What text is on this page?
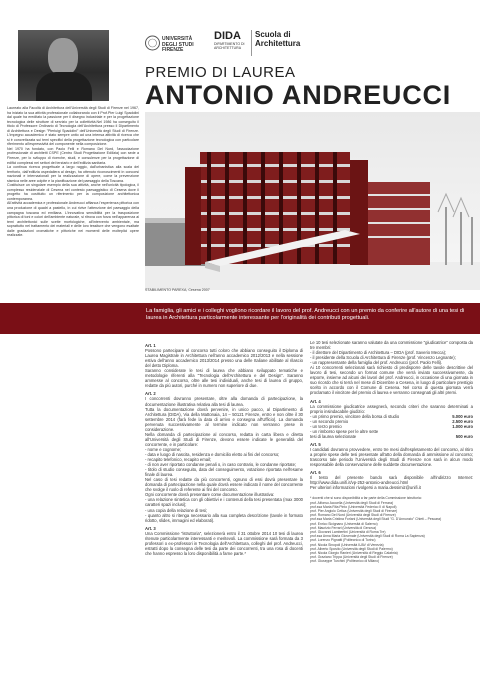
UNIVERSITÀ
DEGLI STUDI
FIRENZE
DIDA
DIPARTIMENTO DI
ARCHITETTURA
Scuola di
Architettura
PREMIO DI LAUREA
ANTONIO ANDREUCCI

Laureato alla Facoltà di Architettura dell'Università degli Studi di Firenze nel 1967, ha iniziato la sua attività professionale collaborando con il Prof.Pier Luigi Spadolini dal quale ha ereditato la passione per il disegno industriale e per la progettazione tecnologica delle strutture di servizio per la collettività.Nel 1986 ha conseguito il titolo di Professore Ordinario di Tecnologia dell'Architettura presso il Dipartimento di Architettura e Design "Pierluigi Spadolini" dell'Università degli Studi di Firenze. L'impegno accademico è stato sempre unito ad una intensa attività di ricerca che si è concretizzata sui temi specifici della progettazione tecnologica con particolare riferimento all'espressività del componente nella composizione.

Nel 1970 ha fondato, con Paolo Felli e Romano Del Nord, l'associazione professionale di architetti CSPE (Centro Studi Progettazione Edilizia) con sede a Firenze, per lo sviluppo di ricerche, studi, e consulenze per la progettazione di edifici complessi nei settori del terziario e dell'edilizia sanitaria.

La continua ricerca progettuale a largo raggio, dall'urbanistica alla scala del territorio, dall'edilizia ospedaliera al design, ha ottenuto riconoscimenti in concorsi nazionali e internazionali per la realizzazione di opere, come la prevenzione sismica nelle aree colpite e la pianificazione del paesaggio della Toscana.

Costituisce un singolare esempio della sua attività, anche nell'unicità tipologica, il complesso residenziale di Cesena nel contesto paesaggistico di Cesena dove il progetto ha costituito un riferimento per la composizione architettonica contemporanea.

All'attività accademica e professionale Andreucci affianca l'esperienza pittorica con una produzione di quadri a pastello, in cui rivive l'attenzione del paesaggio della campagna toscana ed emiliana. L'innovativa sensibilità per la trasposizione pittorica di toni e colori dell'ambiente naturale, si ritrova con forza nell'apparenza ai temi architettonici sulle scelte morfologiche, all'intervento ambientale, ma soprattutto nel trattamento dei materiali e delle loro tessiture che vengono esaltate dalle gradazioni cromatiche e pittoriche nei momenti delle molteplici opere realizzate.

STABILIMENTO PAREXA, Cesena 2007
La famiglia, gli amici e i colleghi vogliono ricordare il lavoro del prof. Andreucci con un premio da conferire all'autore di una tesi di laurea in Architettura particolarmente interessante per l'originalità dei contributi progettuali.

Art. 1

Possono partecipare al concorso tutti coloro che abbiano conseguito il Diploma di Laurea Magistrale in Architettura nell'anno accademico 2012/2013 e nella sessione estiva dell'anno accademico 2013/2014 presso una delle Italiane abilitate al rilascio del detto Diploma.

Saranno considerate le tesi di laurea che abbiano sviluppato tematiche e metodologie riferenti alla "Tecnologia dell'Architettura e del Design". Saranno ammesse al concorso, oltre alle tesi individuali, anche tesi di laurea di gruppo, redatte da più autori, purché in numero non superiore di due.

Art. 2

I concorrenti dovranno presentare, oltre alla domanda di partecipazione, la documentazione illustrativa relativa alla tesi di laurea.

Tutta la documentazione dovrà pervenire, in unico pacco, al Dipartimento di Architettura (DIDA), Via della Mattonaia, 14 – 50121 Firenze, entro e non oltre il 30 settembre 2014 (farà fede la data di arrivo e consegna all'Ufficio). La domanda pervenuta successivamente al termine indicato non verranno prese in considerazione.

Nella domanda di partecipazione al concorso, redatta in carta libera e diretta all'Università degli Studi di Firenze, devono essere indicate le generalità del concorrente, e in particolare:

- nome e cognome;

- data e luogo di nascita, residenza e domicilio eletto ai fini del concorso;

- recapito telefonico, recapito email;

- di non aver riportato condanne penali o, in caso contrario, le condanne riportate;

- titolo di studio conseguito, data del conseguimento, votazione riportata nell'esame finale di laurea.

Nel caso di tesi redatte da più concorrenti, ognuno di essi dovrà presentare la domanda di partecipazione nella quale dovrà essere indicato il nome del concorrente che svolge il ruolo di referente ai fini del concorso.

Ogni concorrente dovrà presentare come documentazione illustrativa:

- una relazione sintetica con gli obiettivi e i contenuti della tesi presentata (max 3000 caratteri spazi inclusi);

- una copia della relazione di tesi;

- quanto altro si ritenga necessario alla sua completa descrizione (tavole in formato ridotto, slides, immagini ed elaborati).

Art. 3

Una Commissione "istruttoria", selezionerà entro il 31 ottobre 2014 10 tesi di laurea ritenute particolarmente interessanti e meritevoli. La commissione sarà formata da 3 professori o ex-professori in Tecnologia dell'Architettura, colleghi del prof. Andreucci, estratti dopo la consegna delle tesi da parte dei concorrenti, tra una rosa di docenti che hanno espresso la loro disponibilità a farne parte.*

Le 10 tesi selezionate saranno valutate da una commissione "giudicatrice" composta da tre membri:

- il direttore del Dipartimento di Architettura – DIDA (prof. Saverio Mecca);

- il presidente della Scuola di Architettura di Firenze (prof. Vincenzo Legnante);

- un rappresentante della famiglia del prof. Andreucci (prof. Paolo Felli).

Ai 10 concorrenti selezionati sarà richiesto di predisporre delle tavole descrittive del lavoro di tesi, secondo un format comune che verrà inviato successivamente, da esporre, insieme ad alcuni dei lavori del prof. Andreucci, in occasione di una giornata in suo ricordo che si terrà nel mese di Dicembre a Cesena, in luogo di particolare prestigio scelto in accordo con il Comune di Cesena. Nel corso di questa giornata verrà proclamato il vincitore del premio di laurea e verranno consegnati gli altri premi.

Art. 4

La commissione giudicatrice assegnerà, secondo criteri che saranno determinati a proprio insindacabile giudizio:

- un primo premio, vincitore della borsa di studio	5.000 euro
- un secondo premio	2.500 euro
- un terzo premio	1.000 euro

- un rimborso spese per le altre sette

tesi di laurea selezionate	500 euro

Art. 5

I candidati dovranno provvedere, entro tre mesi dall'espletamento del concorso, al ritiro a proprie spese delle tesi presentate all'atto della domanda di ammissione al concorso; trascorso tale periodo l'Università degli Studi di Firenze non sarà in alcun modo responsabile della conservazione delle suddette documentazione.

Art. 6

Il testo del presente bando sarà disponibile all'indirizzo Internet: http://www.dida.unifi.it/vp-252-antonio-andreucci.html

Per ulteriori informazioni rivolgersi a maria.dessimiz@unifi.it

* docenti che si sono disponibilità a far parte della Commissione istruttoria:
prof. Alfonso Acocella (Università degli Studi di Ferrara)
prof.ssa Maria Rita Pinto (Università Federico II di Napoli)
prof. Pier Angiolo Cetica (Università degli Studi di Firenze)
prof. Romano Del Nord (Università degli Studi di Firenze)
prof.ssa Maria Cristina Forlani (Università degli Studi "G. D'Annunzio" Chieti – Pescara)
prof. Enrico Sicignano (Università di Salerno)
prof. Maurizio Ferrari (Università di Genova)
prof. Giovanni Lambertini (Università di Roma Tre)
prof.ssa Anna Maria Giovenale (Università degli Studi di Roma La Sapienza)
prof. Lorenzo Pignatti (Politecnico di Torino)
prof. Nicola Sinopoli (Università IUAV di Venezia)
prof. Alberto Sposito (Università degli Studi di Palermo)
prof. Nicola Giorgio Ranieri (Università di Reggio Calabria)
prof. Graziano Trippa (Università degli Studi di Firenze)
prof. Giuseppe Turchini (Politecnico di Milano)
